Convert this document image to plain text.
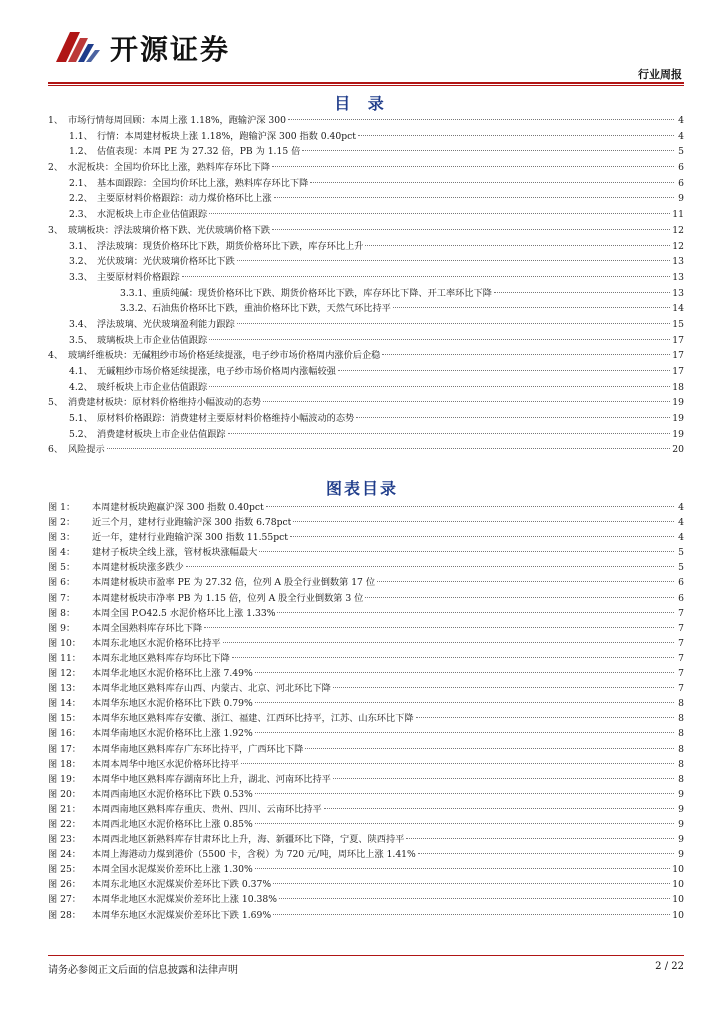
开源证券
行业周报
目 录
1、 市场行情每周回顾：本周上涨 1.18%，跑输沪深 300	4
1.1、 行情：本周建材板块上涨 1.18%，跑输沪深 300 指数 0.40pct	4
1.2、 估值表现：本周 PE 为 27.32 倍，PB 为 1.15 倍	5
2、 水泥板块：全国均价环比上涨，熟料库存环比下降	6
2.1、 基本面跟踪：全国均价环比上涨，熟料库存环比下降	6
2.2、 主要原材料价格跟踪：动力煤价格环比上涨	9
2.3、 水泥板块上市企业估值跟踪	11
3、 玻璃板块：浮法玻璃价格下跌、光伏玻璃价格下跌	12
3.1、 浮法玻璃：现货价格环比下跌，期货价格环比下跌，库存环比上升	12
3.2、 光伏玻璃：光伏玻璃价格环比下跌	13
3.3、 主要原材料价格跟踪	13
3.3.1、 重质纯碱：现货价格环比下跌、期货价格环比下跌，库存环比下降、开工率环比下降	13
3.3.2、 石油焦价格环比下跌，重油价格环比下跌，天然气环比持平	14
3.4、 浮法玻璃、光伏玻璃盈利能力跟踪	15
3.5、 玻璃板块上市企业估值跟踪	17
4、 玻璃纤维板块：无碱粗纱市场价格延续提涨，电子纱市场价格周内涨价后企稳	17
4.1、 无碱粗纱市场价格延续提涨，电子纱市场价格周内涨幅较强	17
4.2、 玻纤板块上市企业估值跟踪	18
5、 消费建材板块：原材料价格维持小幅波动的态势	19
5.1、 原材料价格跟踪：消费建材主要原材料价格维持小幅波动的态势	19
5.2、 消费建材板块上市企业估值跟踪	19
6、 风险提示	20
图表目录
图 1：	本周建材板块跑赢沪深 300 指数 0.40pct	4
图 2：	近三个月，建材行业跑输沪深 300 指数 6.78pct	4
图 3：	近一年，建材行业跑输沪深 300 指数 11.55pct	4
图 4：	建材子板块全线上涨，管材板块涨幅最大	5
图 5：	本周建材板块涨多跌少	5
图 6：	本周建材板块市盈率 PE 为 27.32 倍，位列 A 股全行业倒数第 17 位	6
图 7：	本周建材板块市净率 PB 为 1.15 倍，位列 A 股全行业倒数第 3 位	6
图 8：	本周全国 P.O42.5 水泥价格环比上涨 1.33%	7
图 9：	本周全国熟料库存环比下降	7
图 10：	本周东北地区水泥价格环比持平	7
图 11：	本周东北地区熟料库存均环比下降	7
图 12：	本周华北地区水泥价格环比上涨 7.49%	7
图 13：	本周华北地区熟料库存山西、内蒙古、北京、河北环比下降	7
图 14：	本周华东地区水泥价格环比下跌 0.79%	8
图 15：	本周华东地区熟料库存安徽、浙江、福建、江西环比持平，江苏、山东环比下降	8
图 16：	本周华南地区水泥价格环比上涨 1.92%	8
图 17：	本周华南地区熟料库存广东环比持平，广西环比下降	8
图 18：	本周本周华中地区水泥价格环比持平	8
图 19：	本周华中地区熟料库存湖南环比上升，湖北、河南环比持平	8
图 20：	本周西南地区水泥价格环比下跌 0.53%	9
图 21：	本周西南地区熟料库存重庆、贵州、四川、云南环比持平	9
图 22：	本周西北地区水泥价格环比上涨 0.85%	9
图 23：	本周西北地区新熟料库存甘肃环比上升，海、新疆环比下降，宁夏、陕西持平	9
图 24：	本周上海港动力煤到港价（5500 卡，含税）为 720 元/吨，周环比上涨 1.41%	9
图 25：	本周全国水泥煤炭价差环比上涨 1.30%	10
图 26：	本周东北地区水泥煤炭价差环比下跌 0.37%	10
图 27：	本周华北地区水泥煤炭价差环比上涨 10.38%	10
图 28：	本周华东地区水泥煤炭价差环比下跌 1.69%	10
请务必参阅正文后面的信息披露和法律声明	2 / 22
